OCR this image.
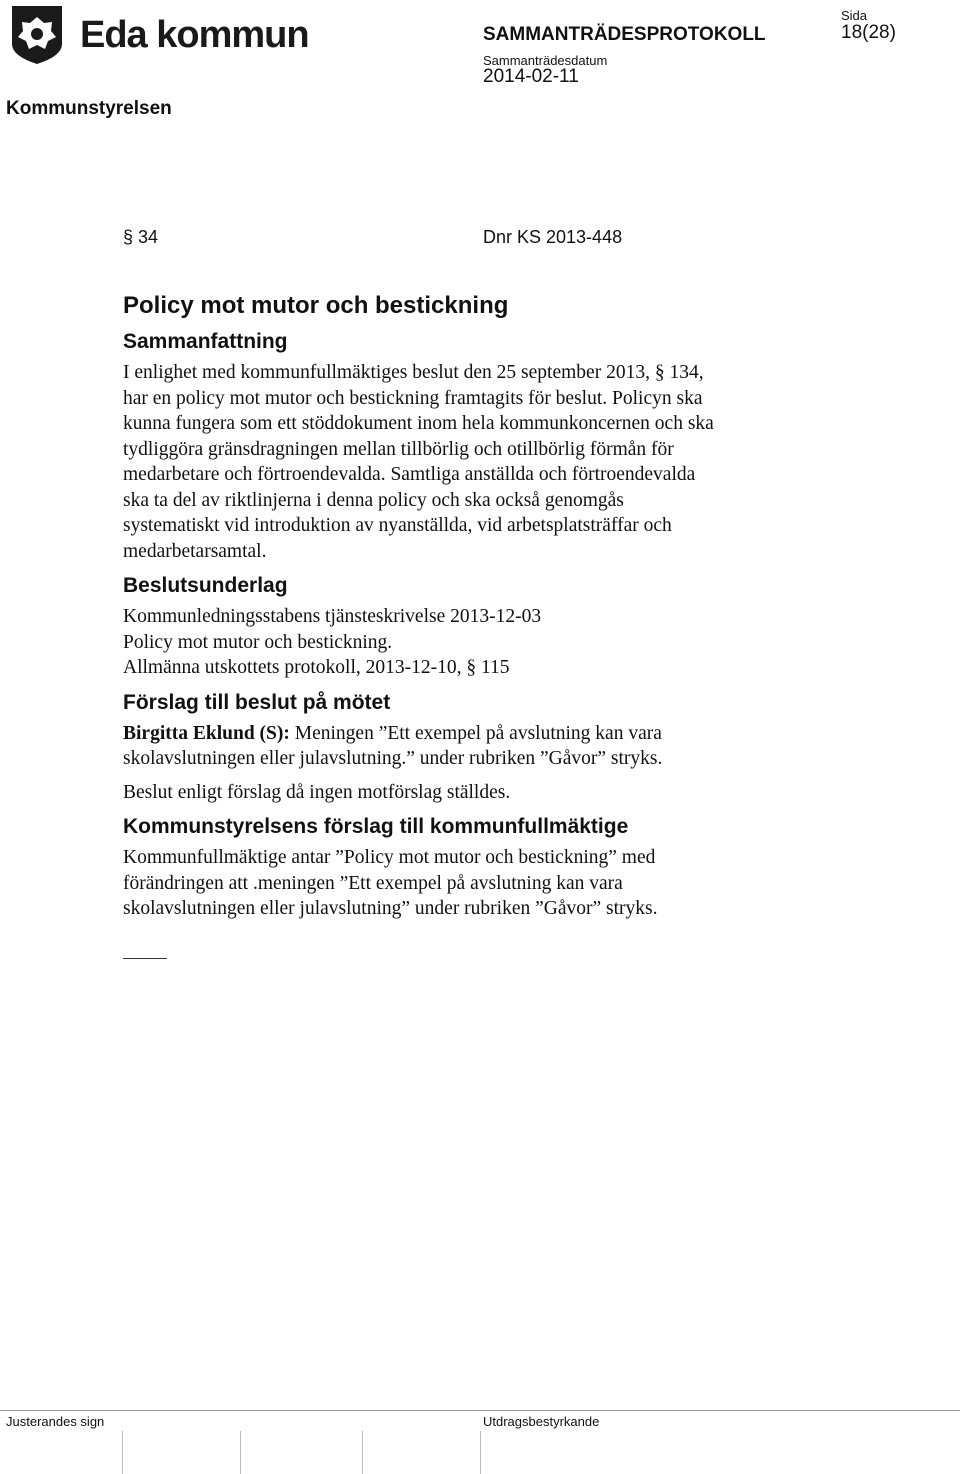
Eda kommun	SAMMANTRÄDESPROTOKOLL
Sammanträdesdatum
2014-02-11
Sida
18(28)
Kommunstyrelsen
§ 34	Dnr KS 2013-448
Policy mot mutor och bestickning
Sammanfattning

I enlighet med kommunfullmäktiges beslut den 25 september 2013, § 134,

har en policy mot mutor och bestickning framtagits för beslut. Policyn ska

kunna fungera som ett stöddokument inom hela kommunkoncernen och ska

tydliggöra gränsdragningen mellan tillbörlig och otillbörlig förmån för

medarbetare och förtroendevalda. Samtliga anställda och förtroendevalda

ska ta del av riktlinjerna i denna policy och ska också genomgås

systematiskt vid introduktion av nyanställda, vid arbetsplatsträffar och

medarbetarsamtal.

Beslutsunderlag

Kommunledningsstabens tjänsteskrivelse 2013-12-03

Policy mot mutor och bestickning.

Allmänna utskottets protokoll, 2013-12-10, § 115

Förslag till beslut på mötet

Birgitta Eklund (S): Meningen ”Ett exempel på avslutning kan vara

skolavslutningen eller julavslutning.” under rubriken ”Gåvor” stryks.

Beslut enligt förslag då ingen motförslag ställdes.

Kommunstyrelsens förslag till kommunfullmäktige

Kommunfullmäktige antar ”Policy mot mutor och bestickning” med

förändringen att .meningen ”Ett exempel på avslutning kan vara

skolavslutningen eller julavslutning” under rubriken ”Gåvor” stryks.

Justerandes sign	Utdragsbestyrkande
